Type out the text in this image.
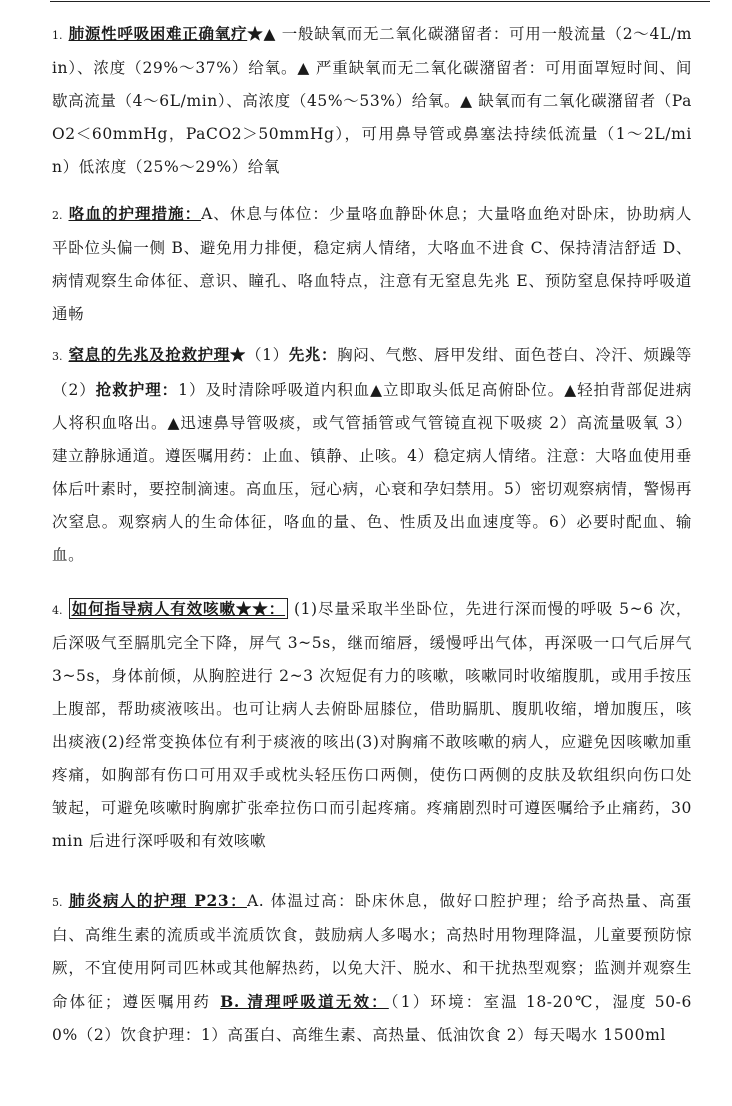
1. 肺源性呼吸困难正确氧疗★▲ 一般缺氧而无二氧化碳潴留者：可用一般流量（2～4L/min）、浓度（29%～37%）给氧。▲ 严重缺氧而无二氧化碳潴留者：可用面罩短时间、间歇高流量（4～6L/min）、高浓度（45%～53%）给氧。▲ 缺氧而有二氧化碳潴留者（PaO2＜60mmHg，PaCO2＞50mmHg），可用鼻导管或鼻塞法持续低流量（1～2L/min）低浓度（25%～29%）给氧

2. 咯血的护理措施：A、休息与体位：少量咯血静卧休息；大量咯血绝对卧床，协助病人平卧位头偏一侧 B、避免用力排便，稳定病人情绪，大咯血不进食 C、保持清洁舒适 D、病情观察生命体征、意识、瞳孔、咯血特点，注意有无窒息先兆 E、预防窒息保持呼吸道通畅

3. 窒息的先兆及抢救护理★（1）先兆：胸闷、气憋、唇甲发绀、面色苍白、冷汗、烦躁等（2）抢救护理：1）及时清除呼吸道内积血▲立即取头低足高俯卧位。▲轻拍背部促进病人将积血咯出。▲迅速鼻导管吸痰，或气管插管或气管镜直视下吸痰 2）高流量吸氧 3）建立静脉通道。遵医嘱用药：止血、镇静、止咳。4）稳定病人情绪。注意：大咯血使用垂体后叶素时，要控制滴速。高血压，冠心病，心衰和孕妇禁用。5）密切观察病情，警惕再次窒息。观察病人的生命体征，咯血的量、色、性质及出血速度等。6）必要时配血、输血。

4. 如何指导病人有效咳嗽★★： (1)尽量采取半坐卧位，先进行深而慢的呼吸 5~6 次，后深吸气至膈肌完全下降，屏气 3~5s，继而缩唇，缓慢呼出气体，再深吸一口气后屏气 3~5s，身体前倾，从胸腔进行 2~3 次短促有力的咳嗽，咳嗽同时收缩腹肌，或用手按压上腹部，帮助痰液咳出。也可让病人去俯卧屈膝位，借助膈肌、腹肌收缩，增加腹压，咳出痰液(2)经常变换体位有利于痰液的咳出(3)对胸痛不敢咳嗽的病人，应避免因咳嗽加重疼痛，如胸部有伤口可用双手或枕头轻压伤口两侧，使伤口两侧的皮肤及软组织向伤口处皱起，可避免咳嗽时胸廓扩张牵拉伤口而引起疼痛。疼痛剧烈时可遵医嘱给予止痛药，30min 后进行深呼吸和有效咳嗽

5. 肺炎病人的护理 P23：A. 体温过高：卧床休息，做好口腔护理；给予高热量、高蛋白、高维生素的流质或半流质饮食，鼓励病人多喝水；高热时用物理降温，儿童要预防惊厥，不宜使用阿司匹林或其他解热药，以免大汗、脱水、和干扰热型观察；监测并观察生命体征；遵医嘱用药 B. 清理呼吸道无效： （1）环境：室温 18-20℃，湿度 50-60%（2）饮食护理：1）高蛋白、高维生素、高热量、低油饮食 2）每天喝水 1500ml
